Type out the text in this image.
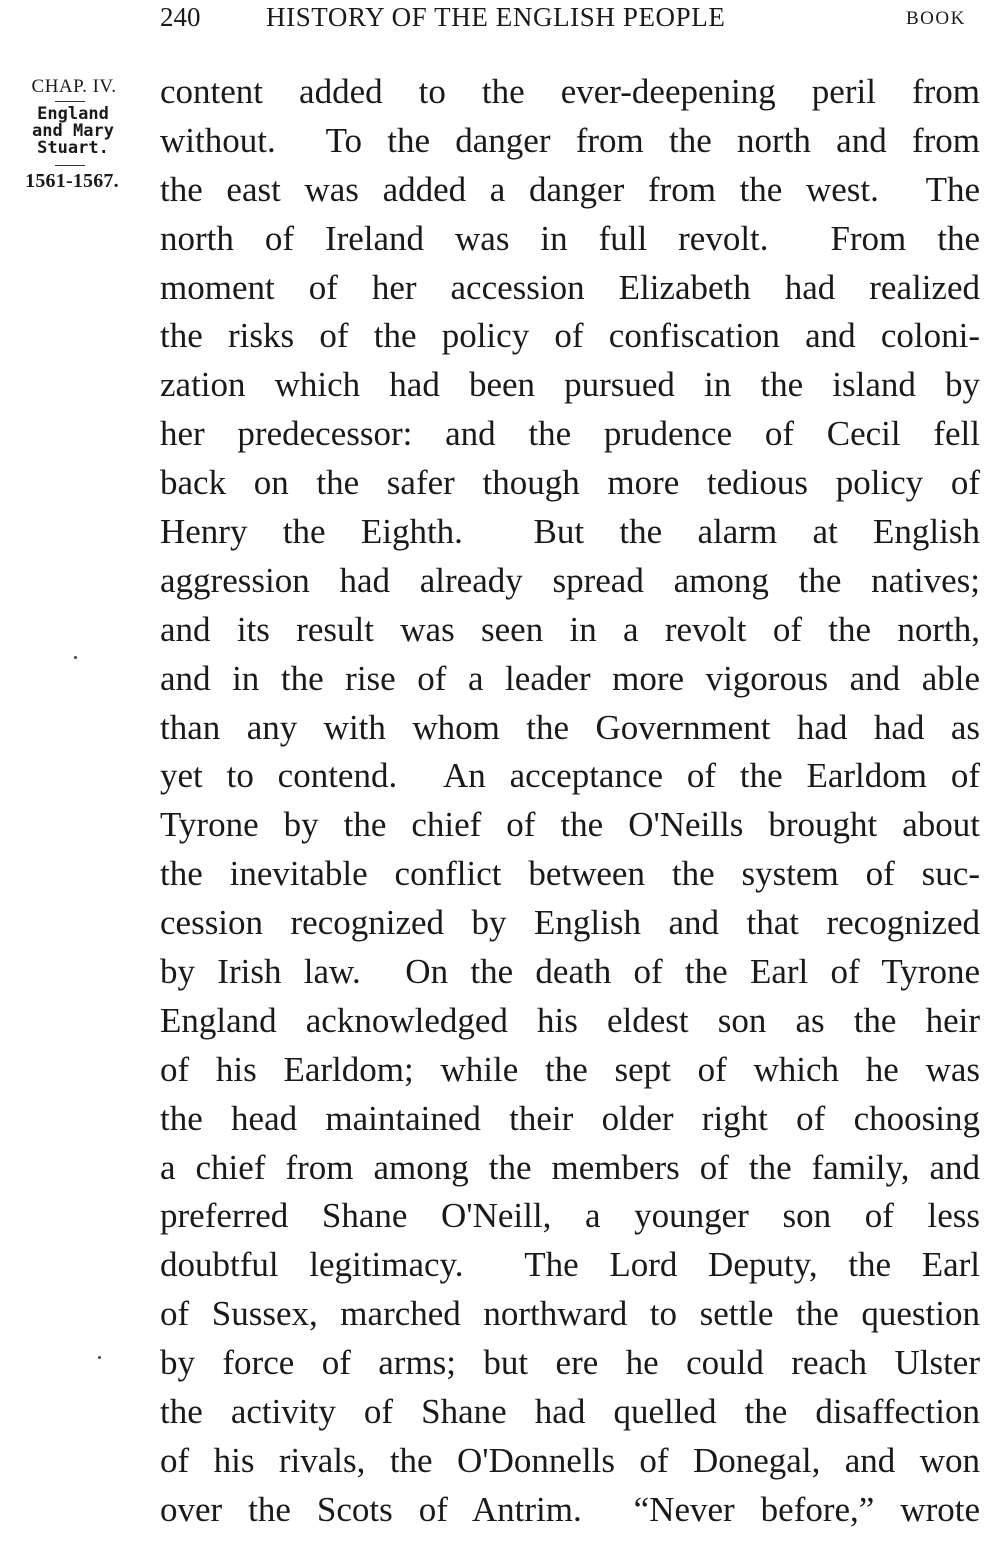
240 HISTORY OF THE ENGLISH PEOPLE	BOOK
CHAP. IV.
England
and Mary
Stuart.
1561-1567.
content added to the ever-deepening peril from
without.  To the danger from the north and from
the east was added a danger from the west.  The
north of Ireland was in full revolt.  From the
moment of her accession Elizabeth had realized
the risks of the policy of confiscation and coloni-
zation which had been pursued in the island by
her predecessor: and the prudence of Cecil fell
back on the safer though more tedious policy of
Henry the Eighth.  But the alarm at English
aggression had already spread among the natives;
and its result was seen in a revolt of the north,
and in the rise of a leader more vigorous and able
than any with whom the Government had had as
yet to contend.  An acceptance of the Earldom of
Tyrone by the chief of the O'Neills brought about
the inevitable conflict between the system of suc-
cession recognized by English and that recognized
by Irish law.  On the death of the Earl of Tyrone
England acknowledged his eldest son as the heir
of his Earldom; while the sept of which he was
the head maintained their older right of choosing
a chief from among the members of the family, and
preferred Shane O'Neill, a younger son of less
doubtful legitimacy.  The Lord Deputy, the Earl
of Sussex, marched northward to settle the question
by force of arms; but ere he could reach Ulster
the activity of Shane had quelled the disaffection
of his rivals, the O'Donnells of Donegal, and won
over the Scots of Antrim.  “Never before,” wrote
